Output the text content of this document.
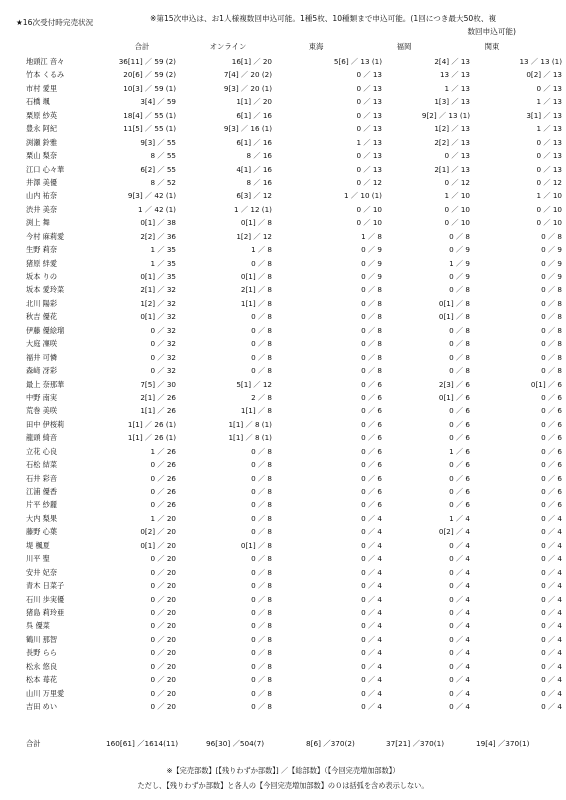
★16次受付時完売状況	※第15次申込は、お1人様複数回申込可能。1種5枚、10種類まで申込可能。(1回につき最大50枚、複
数回申込可能)
合計	オンライン	東海	福岡	関東
地頭江 音々	36[11] ／ 59 (2)	16[1] ／ 20	5[6] ／ 13 (1)	2[4] ／ 13	13 ／ 13 (1)
竹本 くるみ	20[6] ／ 59 (2)	7[4] ／ 20 (2)	0 ／ 13	13 ／ 13	0[2] ／ 13
市村 愛里	10[3] ／ 59 (1)	9[3] ／ 20 (1)	0 ／ 13	1 ／ 13	0 ／ 13
石橋 颯	3[4] ／ 59	1[1] ／ 20	0 ／ 13	1[3] ／ 13	1 ／ 13
栗原 紗英	18[4] ／ 55 (1)	6[1] ／ 16	0 ／ 13	9[2] ／ 13 (1)	3[1] ／ 13
豊永 阿紀	11[5] ／ 55 (1)	9[3] ／ 16 (1)	0 ／ 13	1[2] ／ 13	1 ／ 13
渕瀬 鈴雅	9[3] ／ 55	6[1] ／ 16	1 ／ 13	2[2] ／ 13	0 ／ 13
栗山 梨奈	8 ／ 55	8 ／ 16	0 ／ 13	0 ／ 13	0 ／ 13
江口 心々華	6[2] ／ 55	4[1] ／ 16	0 ／ 13	2[1] ／ 13	0 ／ 13
井澤 美優	8 ／ 52	8 ／ 16	0 ／ 12	0 ／ 12	0 ／ 12
山内 祐奈	9[3] ／ 42 (1)	6[3] ／ 12	1 ／ 10 (1)	1 ／ 10	1 ／ 10
渋井 美奈	1 ／ 42 (1)	1 ／ 12 (1)	0 ／ 10	0 ／ 10	0 ／ 10
渕上 舞	0[1] ／ 38	0[1] ／ 8	0 ／ 10	0 ／ 10	0 ／ 10
今村 麻莉愛	2[2] ／ 36	1[2] ／ 12	1 ／ 8	0 ／ 8	0 ／ 8
生野 莉奈	1 ／ 35	1 ／ 8	0 ／ 9	0 ／ 9	0 ／ 9
猪原 絆愛	1 ／ 35	0 ／ 8	0 ／ 9	1 ／ 9	0 ／ 9
坂本 りの	0[1] ／ 35	0[1] ／ 8	0 ／ 9	0 ／ 9	0 ／ 9
坂本 愛玲菜	2[1] ／ 32	2[1] ／ 8	0 ／ 8	0 ／ 8	0 ／ 8
北川 陽彩	1[2] ／ 32	1[1] ／ 8	0 ／ 8	0[1] ／ 8	0 ／ 8
秋吉 優花	0[1] ／ 32	0 ／ 8	0 ／ 8	0[1] ／ 8	0 ／ 8
伊藤 優絵瑠	0 ／ 32	0 ／ 8	0 ／ 8	0 ／ 8	0 ／ 8
大庭 凜咲	0 ／ 32	0 ／ 8	0 ／ 8	0 ／ 8	0 ／ 8
福井 可憐	0 ／ 32	0 ／ 8	0 ／ 8	0 ／ 8	0 ／ 8
森﨑 冴彩	0 ／ 32	0 ／ 8	0 ／ 8	0 ／ 8	0 ／ 8
最上 奈那華	7[5] ／ 30	5[1] ／ 12	0 ／ 6	2[3] ／ 6	0[1] ／ 6
中野 南実	2[1] ／ 26	2 ／ 8	0 ／ 6	0[1] ／ 6	0 ／ 6
荒巻 美咲	1[1] ／ 26	1[1] ／ 8	0 ／ 6	0 ／ 6	0 ／ 6
田中 伊桜莉	1[1] ／ 26 (1)	1[1] ／ 8 (1)	0 ／ 6	0 ／ 6	0 ／ 6
龍頭 綺音	1[1] ／ 26 (1)	1[1] ／ 8 (1)	0 ／ 6	0 ／ 6	0 ／ 6
立花 心良	1 ／ 26	0 ／ 8	0 ／ 6	1 ／ 6	0 ／ 6
石松 結菜	0 ／ 26	0 ／ 8	0 ／ 6	0 ／ 6	0 ／ 6
石井 彩音	0 ／ 26	0 ／ 8	0 ／ 6	0 ／ 6	0 ／ 6
江浦 優香	0 ／ 26	0 ／ 8	0 ／ 6	0 ／ 6	0 ／ 6
片平 紗麗	0 ／ 26	0 ／ 8	0 ／ 6	0 ／ 6	0 ／ 6
大内 梨果	1 ／ 20	0 ／ 8	0 ／ 4	1 ／ 4	0 ／ 4
藤野 心葉	0[2] ／ 20	0 ／ 8	0 ／ 4	0[2] ／ 4	0 ／ 4
堤 楓夏	0[1] ／ 20	0[1] ／ 8	0 ／ 4	0 ／ 4	0 ／ 4
川平 聖	0 ／ 20	0 ／ 8	0 ／ 4	0 ／ 4	0 ／ 4
安井 妃奈	0 ／ 20	0 ／ 8	0 ／ 4	0 ／ 4	0 ／ 4
青木 日菜子	0 ／ 20	0 ／ 8	0 ／ 4	0 ／ 4	0 ／ 4
石川 歩実優	0 ／ 20	0 ／ 8	0 ／ 4	0 ／ 4	0 ／ 4
猪島 莉玲亜	0 ／ 20	0 ／ 8	0 ／ 4	0 ／ 4	0 ／ 4
呉 優菜	0 ／ 20	0 ／ 8	0 ／ 4	0 ／ 4	0 ／ 4
鶴川 那智	0 ／ 20	0 ／ 8	0 ／ 4	0 ／ 4	0 ／ 4
長野 らら	0 ／ 20	0 ／ 8	0 ／ 4	0 ／ 4	0 ／ 4
松永 悠良	0 ／ 20	0 ／ 8	0 ／ 4	0 ／ 4	0 ／ 4
松本 苺花	0 ／ 20	0 ／ 8	0 ／ 4	0 ／ 4	0 ／ 4
山川 万里愛	0 ／ 20	0 ／ 8	0 ／ 4	0 ／ 4	0 ／ 4
吉田 めい	0 ／ 20	0 ／ 8	0 ／ 4	0 ／ 4	0 ／ 4
合計	160[61] ／1614(11)	96[30] ／504(7)	8[6] ／370(2)	37[21] ／370(1)	19[4] ／370(1)
※【完売部数】[【残りわずか部数】] ／【総部数】（【今回完売増加部数】）
ただし、【残りわずか部数】と各人の【今回完売増加部数】の０は括弧を含め表示しない。
